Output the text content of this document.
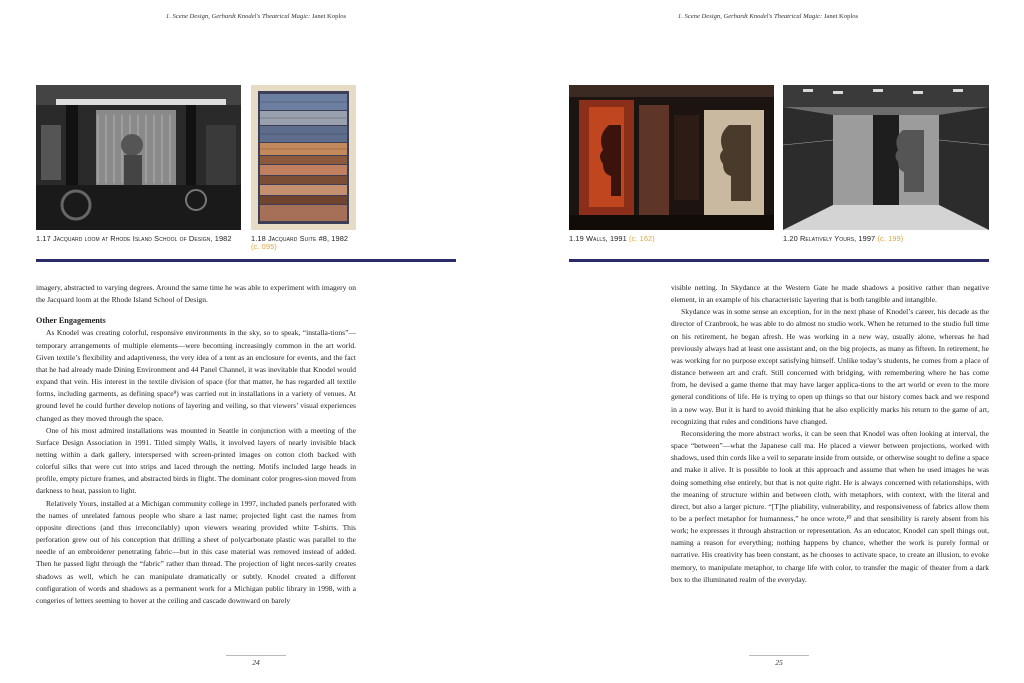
1. Scene Design, Gerhardt Knodel's Theatrical Magic: Janet Koplos
1.17 Jacquard loom at Rhode Island School of Design, 1982	1.18 Jacquard Suite #8, 1982
(c. 095)

imagery, abstracted to varying degrees. Around the same time he was able to experiment with imagery on the Jacquard loom at the Rhode Island School of Design.

Other Engagements

As Knodel was creating colorful, responsive environments in the sky, so to speak, “installa-tions”—temporary arrangements of multiple elements—were becoming increasingly common in the art world. Given textile’s flexibility and adaptiveness, the very idea of a tent as an enclosure for events, and the fact that he had already made Dining Environment and 44 Panel Channel, it was inevitable that Knodel would expand that vein. His interest in the textile division of space (for that matter, he has regarded all textile forms, including garments, as defining space⁹) was carried out in installations in a variety of venues. At ground level he could further develop notions of layering and veiling, so that viewers’ visual experiences changed as they moved through the space.

One of his most admired installations was mounted in Seattle in conjunction with a meeting of the Surface Design Association in 1991. Titled simply Walls, it involved layers of nearly invisible black netting within a dark gallery, interspersed with screen-printed images on cotton cloth backed with colorful silks that were cut into strips and laced through the netting. Motifs included large heads in profile, empty picture frames, and abstracted birds in flight. The dominant color progres-sion moved from darkness to heat, passion to light.

Relatively Yours, installed at a Michigan community college in 1997, included panels perforated with the names of unrelated famous people who share a last name; projected light cast the names from opposite directions (and thus irreconcilably) upon viewers wearing provided white T-shirts. This perforation grew out of his conception that drilling a sheet of polycarbonate plastic was parallel to the needle of an embroiderer penetrating fabric—but in this case material was removed instead of added. Then he passed light through the “fabric” rather than thread. The projection of light neces-sarily creates shadows as well, which he can manipulate dramatically or subtly. Knodel created a different configuration of words and shadows as a permanent work for a Michigan public library in 1998, with a congeries of letters seeming to hover at the ceiling and cascade downward on barely

24
1. Scene Design, Gerhardt Knodel's Theatrical Magic: Janet Koplos
1.19 Walls, 1991 (c. 162)	1.20 Relatively Yours, 1997 (c. 199)

visible netting. In Skydance at the Western Gate he made shadows a positive rather than negative element, in an example of his characteristic layering that is both tangible and intangible.

Skydance was in some sense an exception, for in the next phase of Knodel’s career, his decade as the director of Cranbrook, he was able to do almost no studio work. When he returned to the studio full time on his retirement, he began afresh. He was working in a new way, usually alone, whereas he had previously always had at least one assistant and, on the big projects, as many as fifteen. In retirement, he was working for no purpose except satisfying himself. Unlike today’s students, he comes from a place of distance between art and craft. Still concerned with bridging, with remembering where he has come from, he devised a game theme that may have larger applica-tions to the art world or even to the more general conditions of life. He is trying to open up things so that our history comes back and we respond in a new way. But it is hard to avoid thinking that he also explicitly marks his return to the game of art, recognizing that rules and conditions have changed.

Reconsidering the more abstract works, it can be seen that Knodel was often looking at interval, the space “between”—what the Japanese call ma. He placed a viewer between projections, worked with shadows, used thin cords like a veil to separate inside from outside, or otherwise sought to define a space and make it alive. It is possible to look at this approach and assume that when he used images he was doing something else entirely, but that is not quite right. He is always concerned with relationships, with the meaning of structure within and between cloth, with metaphors, with context, with the literal and direct, but also a larger picture. “[T]he pliability, vulnerability, and responsiveness of fabrics allow them to be a perfect metaphor for humanness,” he once wrote,¹⁰ and that sensibility is rarely absent from his work; he expresses it through abstraction or representation. As an educator, Knodel can spell things out, naming a reason for everything; nothing happens by chance, whether the work is purely formal or narrative. His creativity has been constant, as he chooses to activate space, to create an illusion, to evoke memory, to manipulate metaphor, to charge life with color, to transfer the magic of theater from a dark box to the illuminated realm of the everyday.

25
